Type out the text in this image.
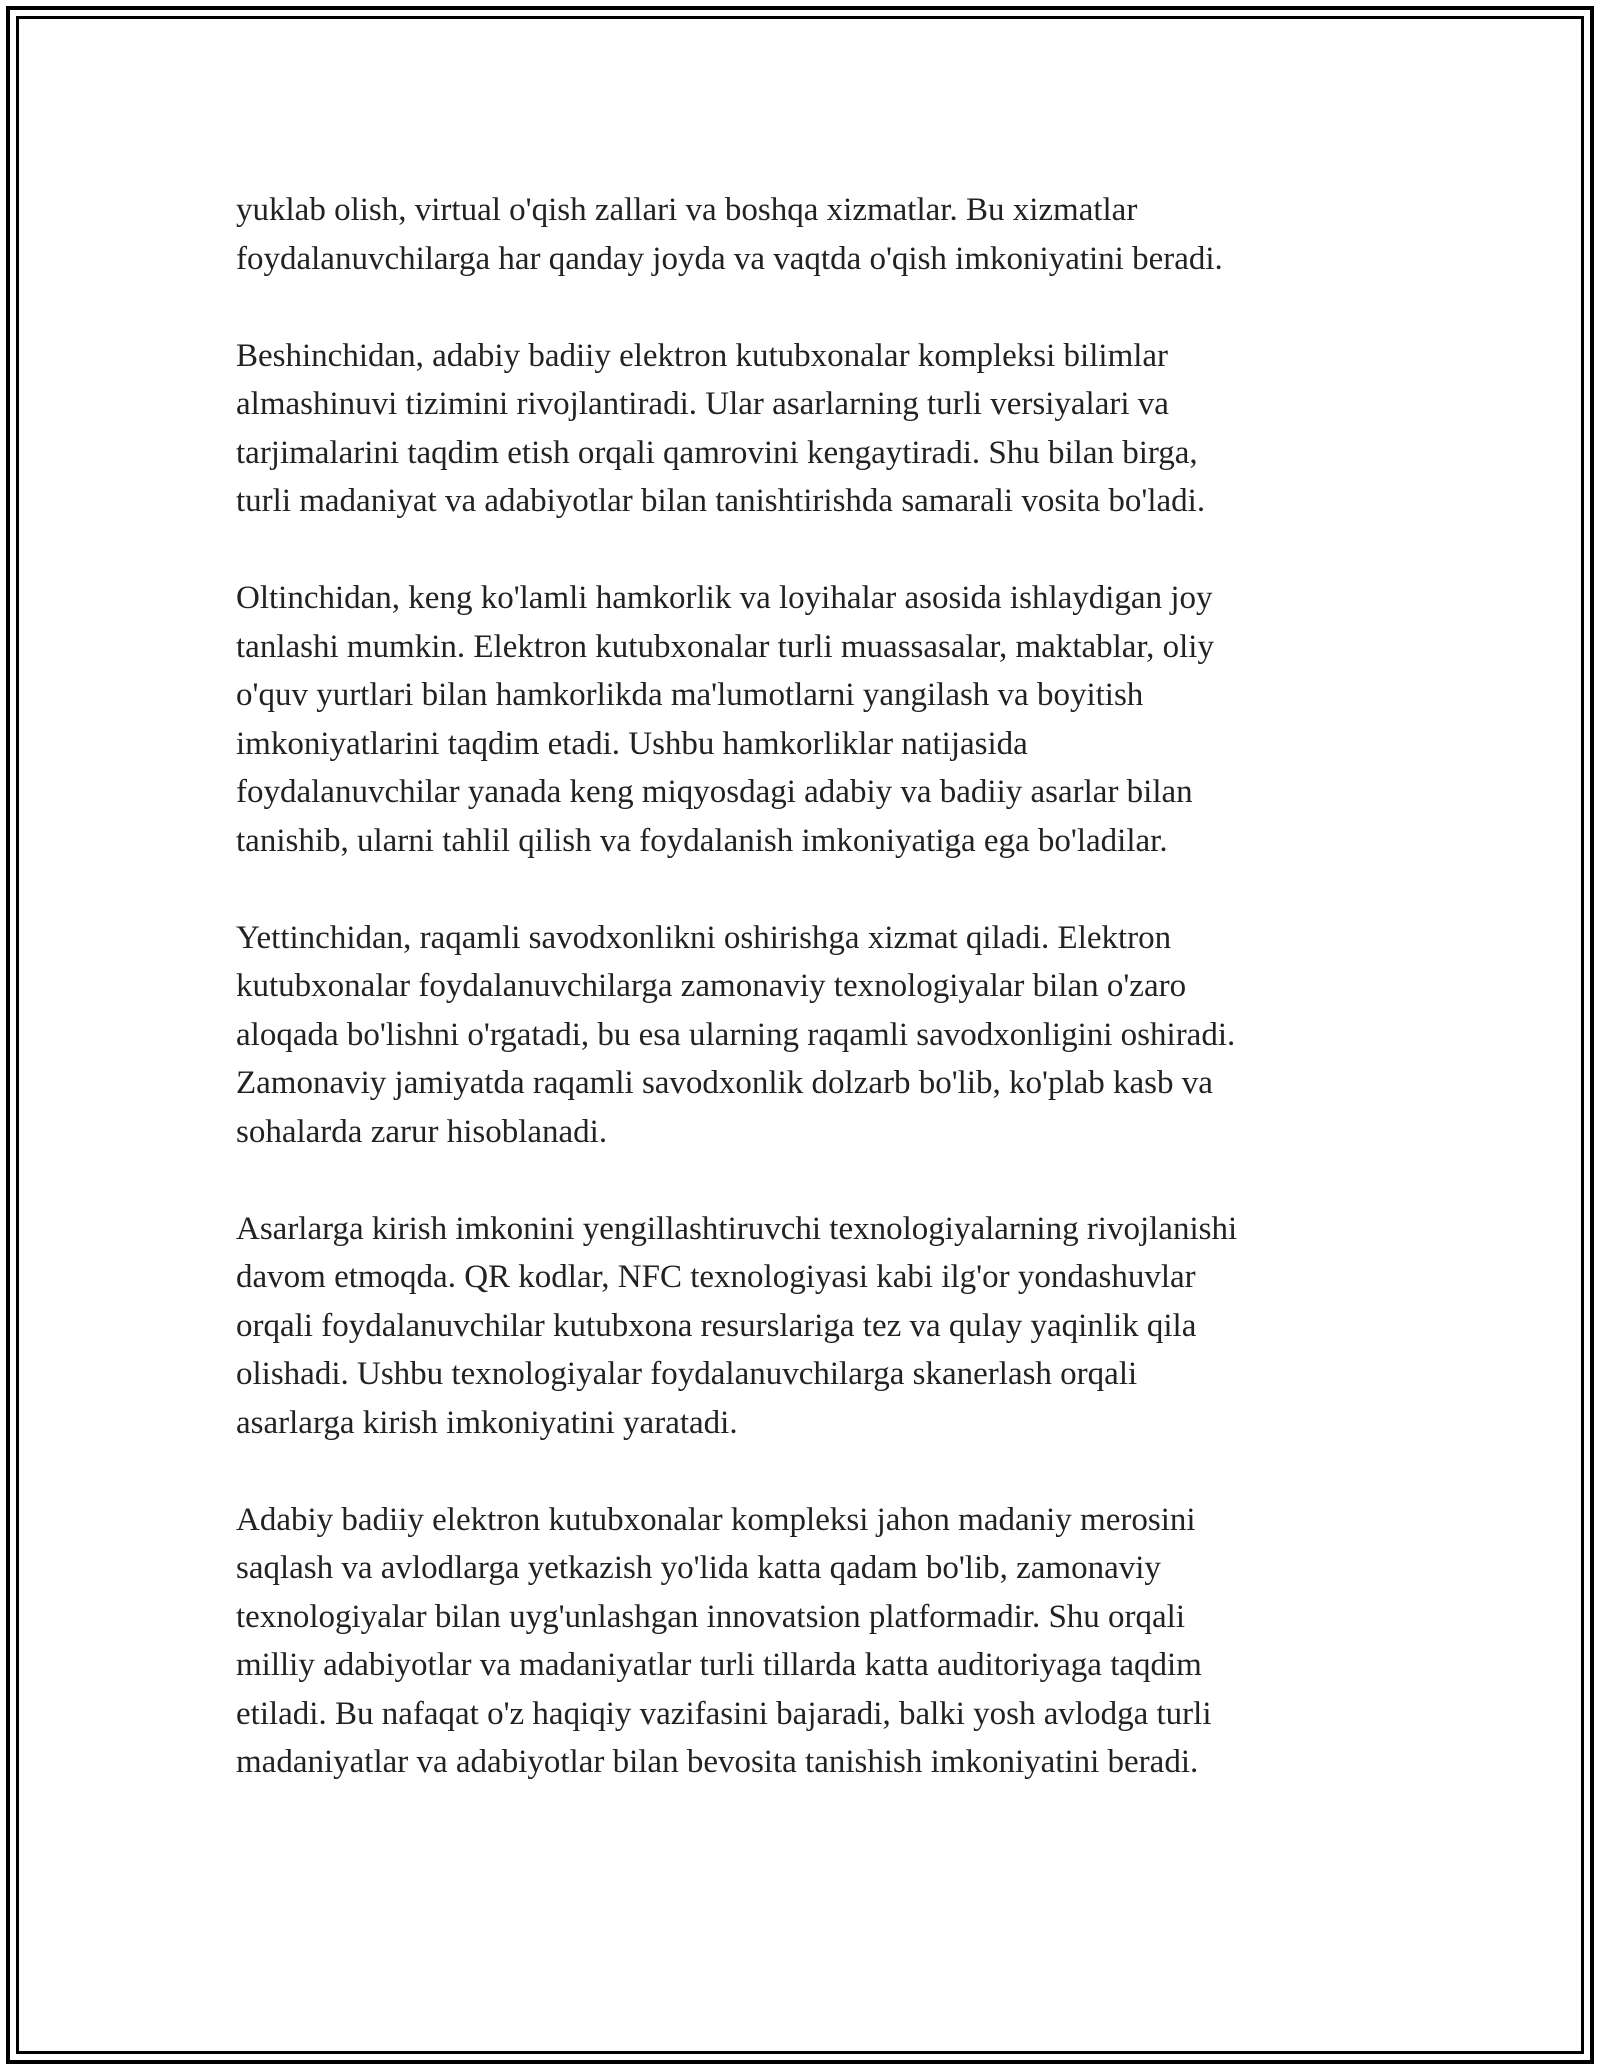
yuklab olish, virtual o'qish zallari va boshqa xizmatlar. Bu xizmatlar
foydalanuvchilarga har qanday joyda va vaqtda o'qish imkoniyatini beradi.

Beshinchidan, adabiy badiiy elektron kutubxonalar kompleksi bilimlar
almashinuvi tizimini rivojlantiradi. Ular asarlarning turli versiyalari va
tarjimalarini taqdim etish orqali qamrovini kengaytiradi. Shu bilan birga,
turli madaniyat va adabiyotlar bilan tanishtirishda samarali vosita bo'ladi.

Oltinchidan, keng ko'lamli hamkorlik va loyihalar asosida ishlaydigan joy
tanlashi mumkin. Elektron kutubxonalar turli muassasalar, maktablar, oliy
o'quv yurtlari bilan hamkorlikda ma'lumotlarni yangilash va boyitish
imkoniyatlarini taqdim etadi. Ushbu hamkorliklar natijasida
foydalanuvchilar yanada keng miqyosdagi adabiy va badiiy asarlar bilan
tanishib, ularni tahlil qilish va foydalanish imkoniyatiga ega bo'ladilar.

Yettinchidan, raqamli savodxonlikni oshirishga xizmat qiladi. Elektron
kutubxonalar foydalanuvchilarga zamonaviy texnologiyalar bilan o'zaro
aloqada bo'lishni o'rgatadi, bu esa ularning raqamli savodxonligini oshiradi.
Zamonaviy jamiyatda raqamli savodxonlik dolzarb bo'lib, ko'plab kasb va
sohalarda zarur hisoblanadi.

Asarlarga kirish imkonini yengillashtiruvchi texnologiyalarning rivojlanishi
davom etmoqda. QR kodlar, NFC texnologiyasi kabi ilg'or yondashuvlar
orqali foydalanuvchilar kutubxona resurslariga tez va qulay yaqinlik qila
olishadi. Ushbu texnologiyalar foydalanuvchilarga skanerlash orqali
asarlarga kirish imkoniyatini yaratadi.

Adabiy badiiy elektron kutubxonalar kompleksi jahon madaniy merosini
saqlash va avlodlarga yetkazish yo'lida katta qadam bo'lib, zamonaviy
texnologiyalar bilan uyg'unlashgan innovatsion platformadir. Shu orqali
milliy adabiyotlar va madaniyatlar turli tillarda katta auditoriyaga taqdim
etiladi. Bu nafaqat o'z haqiqiy vazifasini bajaradi, balki yosh avlodga turli
madaniyatlar va adabiyotlar bilan bevosita tanishish imkoniyatini beradi.
